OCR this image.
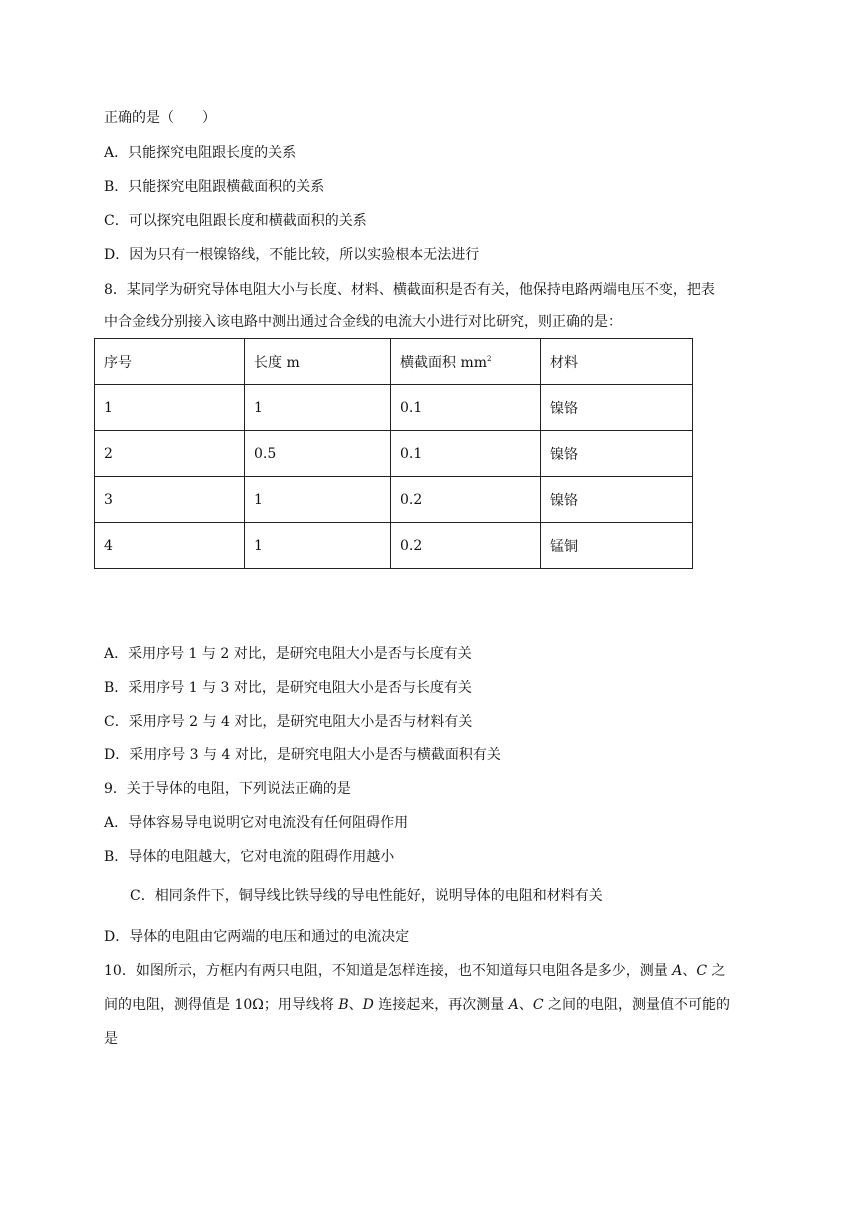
正确的是（　　）
A．只能探究电阻跟长度的关系
B．只能探究电阻跟横截面积的关系
C．可以探究电阻跟长度和横截面积的关系
D．因为只有一根镍铬线，不能比较，所以实验根本无法进行
8．某同学为研究导体电阻大小与长度、材料、横截面积是否有关，他保持电路两端电压不变，把表
中合金线分别接入该电路中测出通过合金线的电流大小进行对比研究，则正确的是：
序号	长度 m	横截面积 $mm^2$	材料
1	1	0.1	镍铬
2	0.5	0.1	镍铬
3	1	0.2	镍铬
4	1	0.2	锰铜
A．采用序号 1 与 2 对比，是研究电阻大小是否与长度有关
B．采用序号 1 与 3 对比，是研究电阻大小是否与长度有关
C．采用序号 2 与 4 对比，是研究电阻大小是否与材料有关
D．采用序号 3 与 4 对比，是研究电阻大小是否与横截面积有关
9．关于导体的电阻，下列说法正确的是
A．导体容易导电说明它对电流没有任何阻碍作用
B．导体的电阻越大，它对电流的阻碍作用越小
C．相同条件下，铜导线比铁导线的导电性能好，说明导体的电阻和材料有关
D．导体的电阻由它两端的电压和通过的电流决定
10．如图所示，方框内有两只电阻，不知道是怎样连接，也不知道每只电阻各是多少，测量 A、C 之
间的电阻，测得值是 10Ω；用导线将 B、D 连接起来，再次测量 A、C 之间的电阻，测量值不可能的
是
